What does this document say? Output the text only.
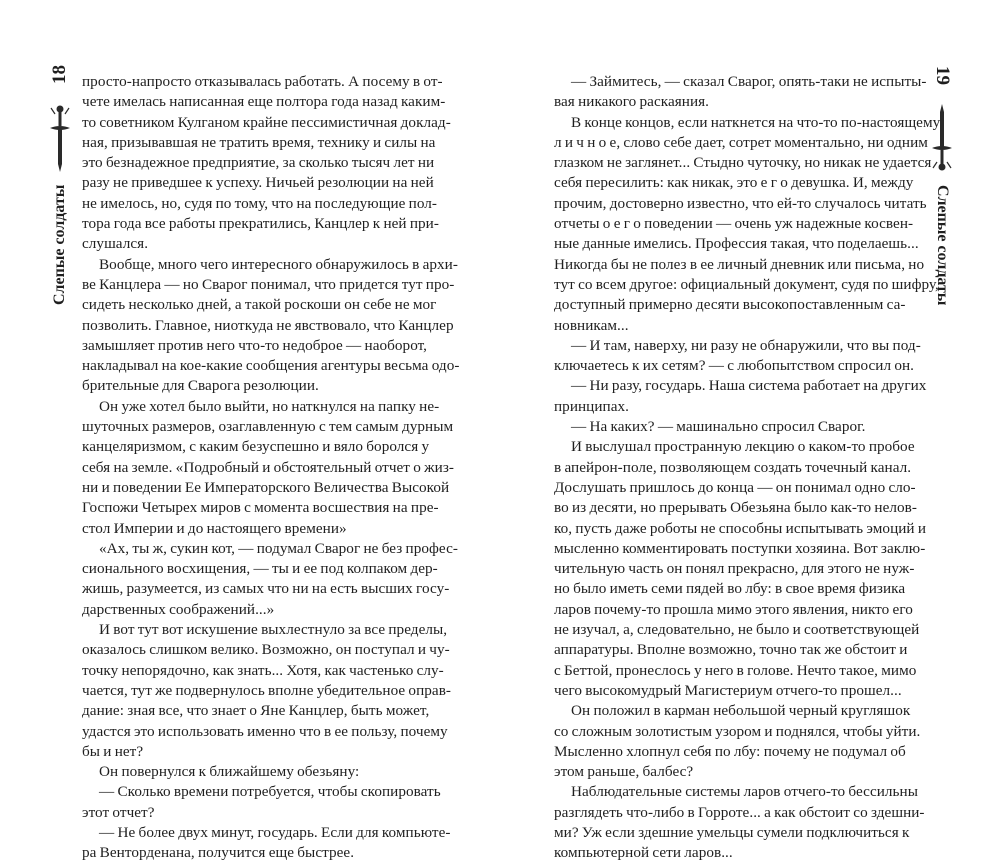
18
Слепые солдаты
просто-напросто отказывалась работать. А посему в от-
чете имелась написанная еще полтора года назад каким-
то советником Кулганом крайне пессимистичная доклад-
ная, призывавшая не тратить время, технику и силы на
это безнадежное предприятие, за сколько тысяч лет ни
разу не приведшее к успеху. Ничьей резолюции на ней
не имелось, но, судя по тому, что на последующие пол-
тора года все работы прекратились, Канцлер к ней при-
слушался.
Вообще, много чего интересного обнаружилось в архи-
ве Канцлера — но Сварог понимал, что придется тут про-
сидеть несколько дней, а такой роскоши он себе не мог
позволить. Главное, ниоткуда не явствовало, что Канцлер
замышляет против него что-то недоброе — наоборот,
накладывал на кое-какие сообщения агентуры весьма одо-
брительные для Сварога резолюции.
Он уже хотел было выйти, но наткнулся на папку не-
шуточных размеров, озаглавленную с тем самым дурным
канцеляризмом, с каким безуспешно и вяло боролся у
себя на земле. «Подробный и обстоятельный отчет о жиз-
ни и поведении Ее Императорского Величества Высокой
Госпожи Четырех миров с момента восшествия на пре-
стол Империи и до настоящего времени»
«Ах, ты ж, сукин кот, — подумал Сварог не без профес-
сионального восхищения, — ты и ее под колпаком дер-
жишь, разумеется, из самых что ни на есть высших госу-
дарственных соображений...»
И вот тут вот искушение выхлестнуло за все пределы,
оказалось слишком велико. Возможно, он поступал и чу-
точку непорядочно, как знать... Хотя, как частенько слу-
чается, тут же подвернулось вполне убедительное оправ-
дание: зная все, что знает о Яне Канцлер, быть может,
удастся это использовать именно что в ее пользу, почему
бы и нет?
Он повернулся к ближайшему обезьяну:
— Сколько времени потребуется, чтобы скопировать
этот отчет?
— Не более двух минут, государь. Если для компьюте-
ра Венторденана, получится еще быстрее.
19
Слепые солдаты
— Займитесь, — сказал Сварог, опять-таки не испыты-
вая никакого раскаяния.
В конце концов, если наткнется на что-то по-настоящему
л и ч н о е, слово себе дает, сотрет моментально, ни одним
глазком не заглянет... Стыдно чуточку, но никак не удается
себя пересилить: как никак, это е г о девушка. И, между
прочим, достоверно известно, что ей-то случалось читать
отчеты о е г о поведении — очень уж надежные косвен-
ные данные имелись. Профессия такая, что поделаешь...
Никогда бы не полез в ее личный дневник или письма, но
тут со всем другое: официальный документ, судя по шифру,
доступный примерно десяти высокопоставленным са-
новникам...
— И там, наверху, ни разу не обнаружили, что вы под-
ключаетесь к их сетям? — с любопытством спросил он.
— Ни разу, государь. Наша система работает на других
принципах.
— На каких? — машинально спросил Сварог.
И выслушал пространную лекцию о каком-то пробое
в апейрон-поле, позволяющем создать точечный канал.
Дослушать пришлось до конца — он понимал одно сло-
во из десяти, но прерывать Обезьяна было как-то нелов-
ко, пусть даже роботы не способны испытывать эмоций и
мысленно комментировать поступки хозяина. Вот заклю-
чительную часть он понял прекрасно, для этого не нуж-
но было иметь семи пядей во лбу: в свое время физика
ларов почему-то прошла мимо этого явления, никто его
не изучал, а, следовательно, не было и соответствующей
аппаратуры. Вполне возможно, точно так же обстоит и
с Беттой, пронеслось у него в голове. Нечто такое, мимо
чего высокомудрый Магистериум отчего-то прошел...
Он положил в карман небольшой черный кругляшок
со сложным золотистым узором и поднялся, чтобы уйти.
Мысленно хлопнул себя по лбу: почему не подумал об
этом раньше, балбес?
Наблюдательные системы ларов отчего-то бессильны
разглядеть что-либо в Горроте... а как обстоит со здешни-
ми? Уж если здешние умельцы сумели подключиться к
компьютерной сети ларов...
